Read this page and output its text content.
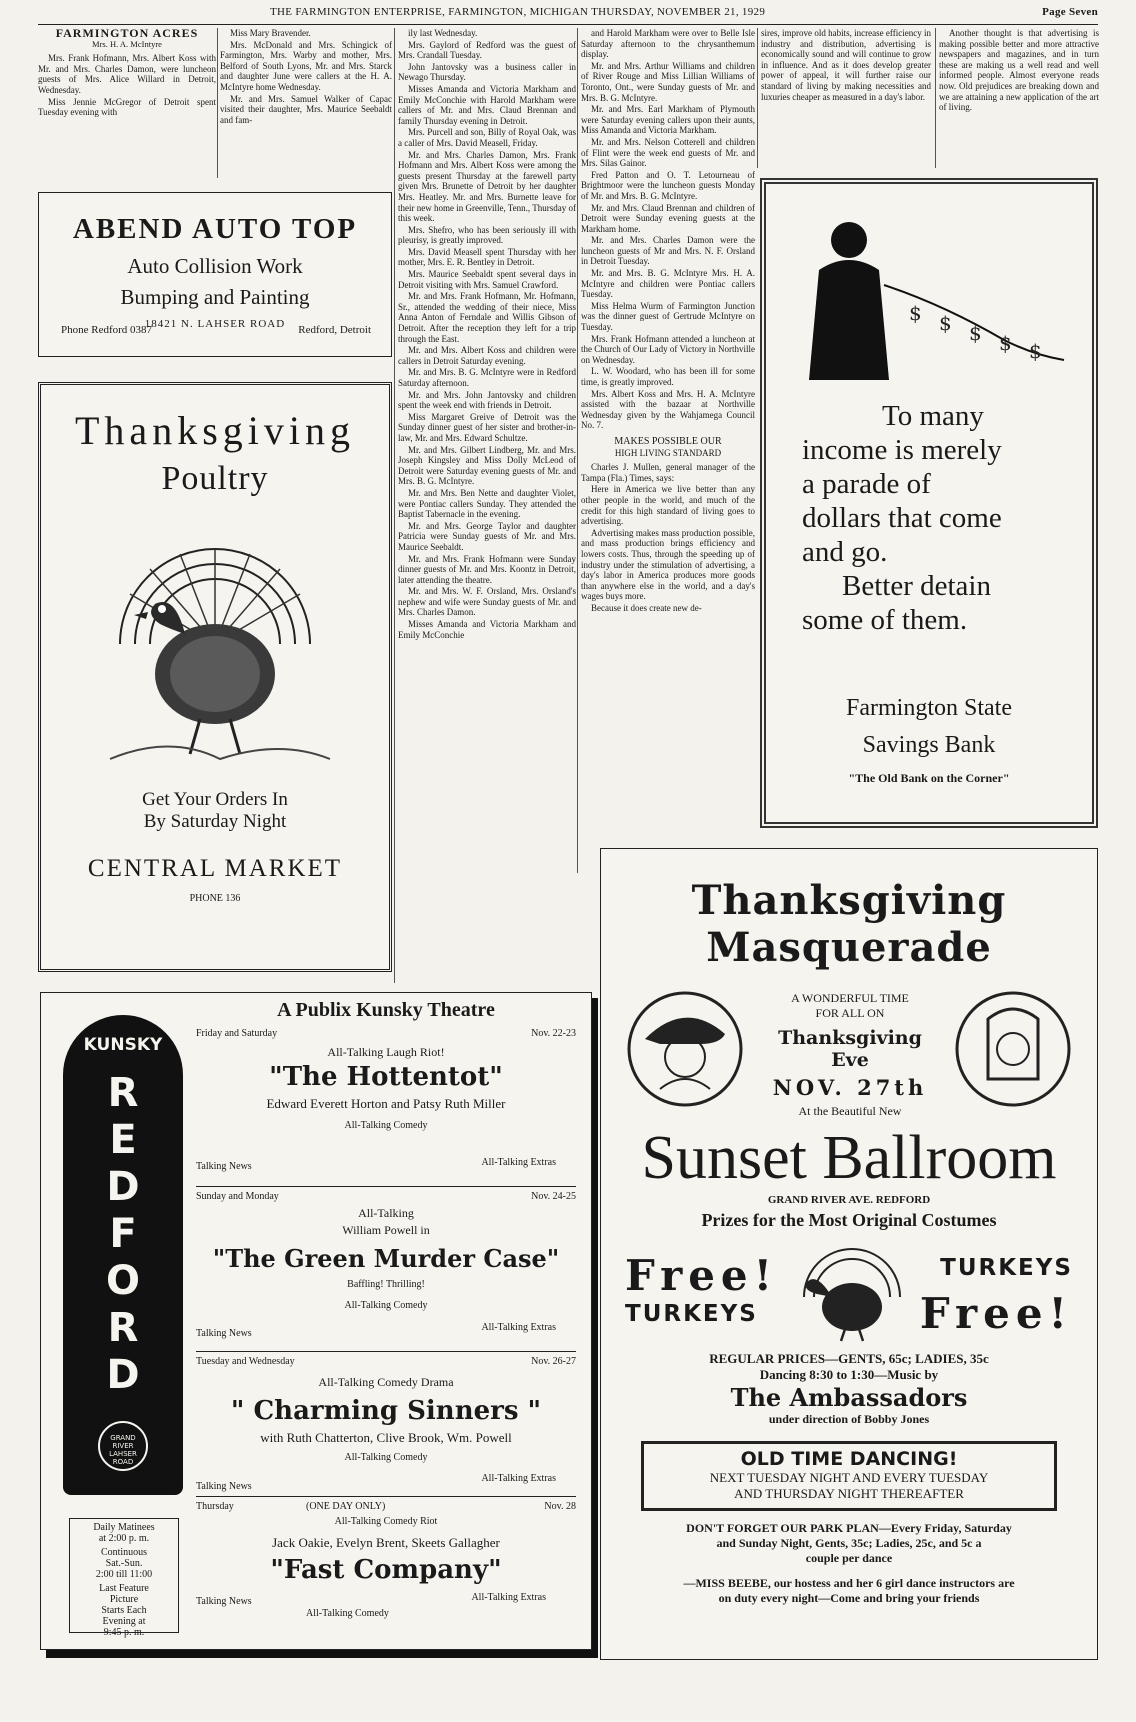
THE FARMINGTON ENTERPRISE, FARMINGTON, MICHIGAN THURSDAY, NOVEMBER 21, 1929	Page Seven
FARMINGTON ACRES
Mrs. H. A. McIntyre

Mrs. Frank Hofmann, Mrs. Albert Koss with Mr. and Mrs. Charles Damon, were luncheon guests of Mrs. Alice Willard in Detroit, Wednesday.

Miss Jennie McGregor of Detroit spent Tuesday evening with

Miss Mary Bravender.

Mrs. McDonald and Mrs. Schingick of Farmington, Mrs. Warby and mother, Mrs. Belford of South Lyons, Mr. and Mrs. Starck and daughter June were callers at the H. A. McIntyre home Wednesday.

Mr. and Mrs. Samuel Walker of Capac visited their daughter, Mrs. Maurice Seebaldt and fam-

ABEND AUTO TOP
Auto Collision Work
Bumping and Painting
18421 N. LAHSER ROAD
Phone Redford 0387	Redford, Detroit
Thanksgiving
Poultry
Get Your Orders In
By Saturday Night
CENTRAL MARKET
PHONE 136

ily last Wednesday.

Mrs. Gaylord of Redford was the guest of Mrs. Crandall Tuesday.

John Jantovsky was a business caller in Newago Thursday.

Misses Amanda and Victoria Markham and Emily McConchie with Harold Markham were callers of Mr. and Mrs. Claud Brennan and family Thursday evening in Detroit.

Mrs. Purcell and son, Billy of Royal Oak, was a caller of Mrs. David Measell, Friday.

Mr. and Mrs. Charles Damon, Mrs. Frank Hofmann and Mrs. Albert Koss were among the guests present Thursday at the farewell party given Mrs. Brunette of Detroit by her daughter Mrs. Heatley. Mr. and Mrs. Burnette leave for their new home in Greenville, Tenn., Thursday of this week.

Mrs. Shefro, who has been seriously ill with pleurisy, is greatly improved.

Mrs. David Measell spent Thursday with her mother, Mrs. E. R. Bentley in Detroit.

Mrs. Maurice Seebaldt spent several days in Detroit visiting with Mrs. Samuel Crawford.

Mr. and Mrs. Frank Hofmann, Mr. Hofmann, Sr., attended the wedding of their niece, Miss Anna Anton of Ferndale and Willis Gibson of Detroit. After the reception they left for a trip through the East.

Mr. and Mrs. Albert Koss and children were callers in Detroit Saturday evening.

Mr. and Mrs. B. G. McIntyre were in Redford Saturday afternoon.

Mr. and Mrs. John Jantovsky and children spent the week end with friends in Detroit.

Miss Margaret Greive of Detroit was the Sunday dinner guest of her sister and brother-in-law, Mr. and Mrs. Edward Schultze.

Mr. and Mrs. Gilbert Lindberg, Mr. and Mrs. Joseph Kingsley and Miss Dolly McLeod of Detroit were Saturday evening guests of Mr. and Mrs. B. G. McIntyre.

Mr. and Mrs. Ben Nette and daughter Violet, were Pontiac callers Sunday. They attended the Baptist Tabernacle in the evening.

Mr. and Mrs. George Taylor and daughter Patricia were Sunday guests of Mr. and Mrs. Maurice Seebaldt.

Mr. and Mrs. Frank Hofmann were Sunday dinner guests of Mr. and Mrs. Koontz in Detroit, later attending the theatre.

Mr. and Mrs. W. F. Orsland, Mrs. Orsland's nephew and wife were Sunday guests of Mr. and Mrs. Charles Damon.

Misses Amanda and Victoria Markham and Emily McConchie

and Harold Markham were over to Belle Isle Saturday afternoon to the chrysanthemum display.

Mr. and Mrs. Arthur Williams and children of River Rouge and Miss Lillian Williams of Toronto, Ont., were Sunday guests of Mr. and Mrs. B. G. McIntyre.

Mr. and Mrs. Earl Markham of Plymouth were Saturday evening callers upon their aunts, Miss Amanda and Victoria Markham.

Mr. and Mrs. Nelson Cotterell and children of Flint were the week end guests of Mr. and Mrs. Silas Gainor.

Fred Patton and O. T. Letourneau of Brightmoor were the luncheon guests Monday of Mr. and Mrs. B. G. McIntyre.

Mr. and Mrs. Claud Brennan and children of Detroit were Sunday evening guests at the Markham home.

Mr. and Mrs. Charles Damon were the luncheon guests of Mr and Mrs. N. F. Orsland in Detroit Tuesday.

Mr. and Mrs. B. G. McIntyre Mrs. H. A. McIntyre and children were Pontiac callers Tuesday.

Miss Helma Wurm of Farmington Junction was the dinner guest of Gertrude McIntyre on Tuesday.

Mrs. Frank Hofmann attended a luncheon at the Church of Our Lady of Victory in Northville on Wednesday.

L. W. Woodard, who has been ill for some time, is greatly improved.

Mrs. Albert Koss and Mrs. H. A. McIntyre assisted with the bazaar at Northville Wednesday given by the Wahjamega Council No. 7.

MAKES POSSIBLE OUR
HIGH LIVING STANDARD

Charles J. Mullen, general manager of the Tampa (Fla.) Times, says:

Here in America we live better than any other people in the world, and much of the credit for this high standard of living goes to advertising.

Advertising makes mass production possible, and mass production brings efficiency and lowers costs. Thus, through the speeding up of industry under the stimulation of advertising, a day's labor in America produces more goods than anywhere else in the world, and a day's wages buys more.

Because it does create new de-

sires, improve old habits, increase efficiency in industry and distribution, advertising is economically sound and will continue to grow in influence. And as it does develop greater power of appeal, it will further raise our standard of living by making necessities and luxuries cheaper as measured in a day's labor.

Another thought is that advertising is making possible better and more attractive newspapers and magazines, and in turn these are making us a well read and well informed people. Almost everyone reads now. Old prejudices are breaking down and we are attaining a new application of the art of living.

$
$ $ $ $ $
To many
income is merely
a parade of
dollars that come
and go.
Better detain
some of them.
Farmington State
Savings Bank
"The Old Bank on the Corner"
KUNSKY
R
E
D
F
O
R
D
GRAND RIVER LAHSER ROAD
Daily Matinees
at 2:00 p. m.
Continuous
Sat.-Sun.
2:00 till 11:00
Last Feature
Picture
Starts Each
Evening at
9:45 p. m.
A Publix Kunsky Theatre
Friday and Saturday	Nov. 22-23
All-Talking Laugh Riot!
"The Hottentot"
Edward Everett Horton and Patsy Ruth Miller
All-Talking Comedy
Talking News	All-Talking Extras
Sunday and Monday	Nov. 24-25
All-Talking
William Powell in
"The Green Murder Case"
Baffling! Thrilling!
All-Talking Comedy
Talking News
All-Talking Extras
Tuesday and Wednesday	Nov. 26-27
All-Talking Comedy Drama
" Charming Sinners "
with Ruth Chatterton, Clive Brook, Wm. Powell
All-Talking Comedy
Talking News
All-Talking Extras
Thursday	(ONE DAY ONLY)	Nov. 28
All-Talking Comedy Riot
Jack Oakie, Evelyn Brent, Skeets Gallagher
"Fast Company"
Talking News
All-Talking Comedy
All-Talking Extras
Thanksgiving
Masquerade
A WONDERFUL TIME
FOR ALL ON
Thanksgiving
Eve
NOV. 27th
At the Beautiful New
Sunset Ballroom
GRAND RIVER AVE. REDFORD
Prizes for the Most Original Costumes
Free!
TURKEYS
TURKEYS
Free!
REGULAR PRICES—GENTS, 65c; LADIES, 35c
Dancing 8:30 to 1:30—Music by
The Ambassadors
under direction of Bobby Jones
OLD TIME DANCING!
NEXT TUESDAY NIGHT AND EVERY TUESDAY
AND THURSDAY NIGHT THEREAFTER
DON'T FORGET OUR PARK PLAN—Every Friday, Saturday
and Sunday Night, Gents, 35c; Ladies, 25c, and 5c a
couple per dance
—MISS BEEBE, our hostess and her 6 girl dance instructors are
on duty every night—Come and bring your friends
